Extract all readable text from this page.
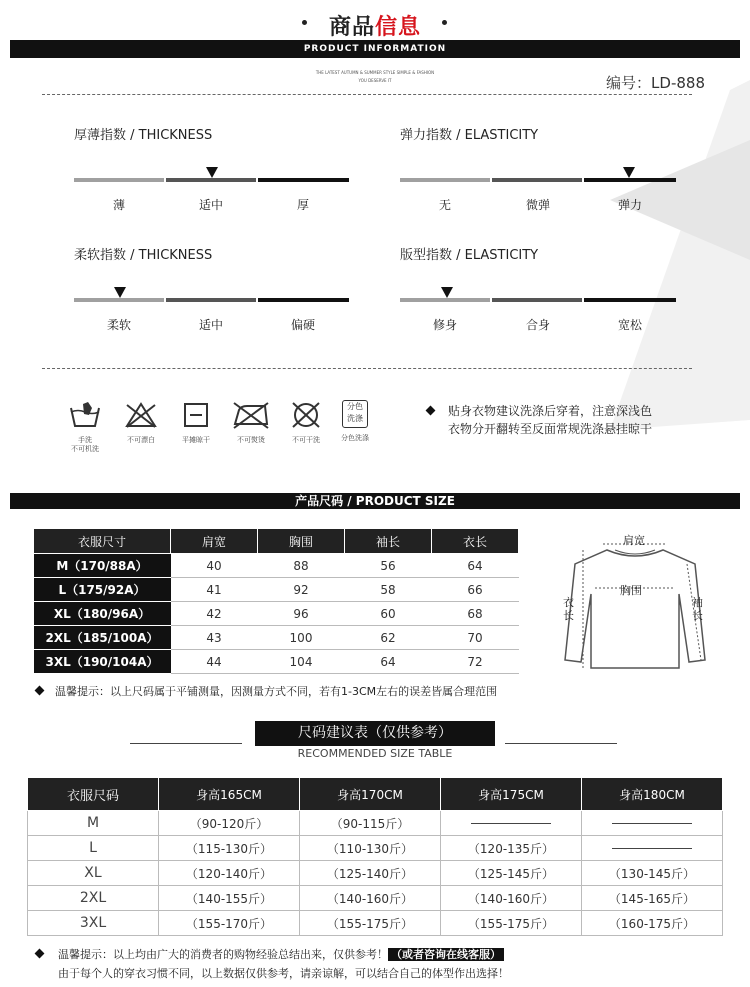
商品信息
PRODUCT INFORMATION
THE LATEST AUTUMN & SUMMER STYLE SIMPLE & FASHION
YOU DESERVE IT	编号：LD-888
厚薄指数 / THICKNESS
薄	适中	厚
弹力指数 / ELASTICITY
无	微弹	弹力
柔软指数 / THICKNESS
柔软	适中	偏硬
版型指数 / ELASTICITY
修身	合身	宽松
手洗
不可机洗
不可漂白	平摊晾干	不可熨烫	不可干洗
分色
洗涤
分色洗涤
贴身衣物建议洗涤后穿着，注意深浅色
衣物分开翻转至反面常规洗涤悬挂晾干
产品尺码 / PRODUCT SIZE
衣服尺寸	肩宽	胸围	袖长	衣长
M（170/88A）	40	88	56	64
L（175/92A）	41	92	58	66
XL（180/96A）	42	96	60	68
2XL（185/100A）	43	100	62	70
3XL（190/104A）	44	104	64	72
肩宽
胸围
衣长
袖长
温馨提示：以上尺码属于平铺测量，因测量方式不同，若有1-3CM左右的误差皆属合理范围
尺码建议表（仅供参考）
RECOMMENDED SIZE TABLE
衣服尺码	身高165CM	身高170CM	身高175CM	身高180CM
M	（90-120斤）	（90-115斤）		
L	（115-130斤）	（110-130斤）	（120-135斤）	
XL	（120-140斤）	（125-140斤）	（125-145斤）	（130-145斤）
2XL	（140-155斤）	（140-160斤）	（140-160斤）	（145-165斤）
3XL	（155-170斤）	（155-175斤）	（155-175斤）	（160-175斤）
温馨提示：以上均由广大的消费者的购物经验总结出来，仅供参考！ （或者咨询在线客服）
由于每个人的穿衣习惯不同，以上数据仅供参考，请亲谅解，可以结合自己的体型作出选择！
